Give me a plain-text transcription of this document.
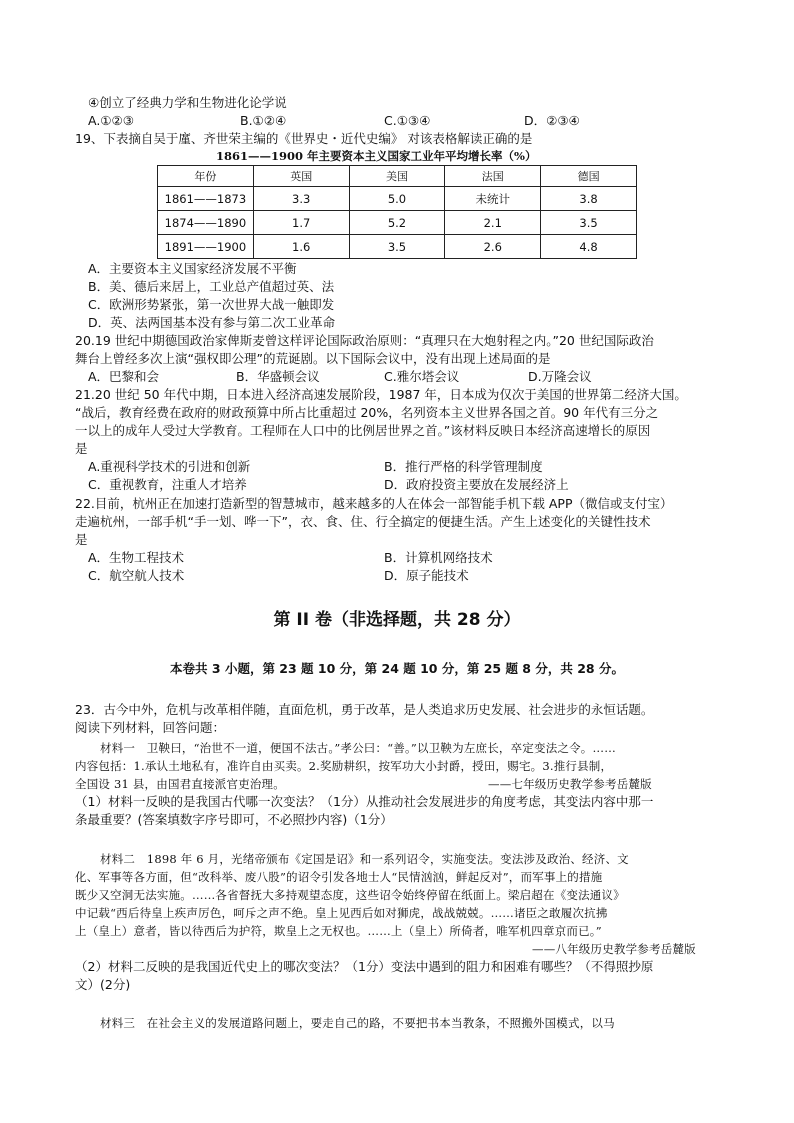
④创立了经典力学和生物进化论学说
A.①②③	B.①②④	C.①③④	D．②③④
19、下表摘自吴于廑、齐世荣主编的《世界史・近代史编》 对该表格解读正确的是
1861——1900 年主要资本主义国家工业年平均增长率（%）
年份	英国	美国	法国	德国
1861——1873	3.3	5.0	未统计	3.8
1874——1890	1.7	5.2	2.1	3.5
1891——1900	1.6	3.5	2.6	4.8
A．主要资本主义国家经济发展不平衡
B．美、德后来居上，工业总产值超过英、法
C．欧洲形势紧张，第一次世界大战一触即发
D．英、法两国基本没有参与第二次工业革命
20.19 世纪中期德国政治家俾斯麦曾这样评论国际政治原则：“真理只在大炮射程之内。”20 世纪国际政治
舞台上曾经多次上演“强权即公理”的荒诞剧。以下国际会议中，没有出现上述局面的是
A．巴黎和会	B．华盛顿会议	C.雅尔塔会议	D.万隆会议
21.20 世纪 50 年代中期，日本进入经济高速发展阶段，1987 年，日本成为仅次于美国的世界第二经济大国。
“战后，教育经费在政府的财政预算中所占比重超过 20%，名列资本主义世界各国之首。90 年代有三分之
一以上的成年人受过大学教育。工程师在人口中的比例居世界之首。”该材料反映日本经济高速增长的原因
是
A.重视科学技术的引进和创新	B．推行严格的科学管理制度
C．重视教育，注重人才培养	D．政府投资主要放在发展经济上
22.目前，杭州正在加速打造新型的智慧城市，越来越多的人在体会一部智能手机下载 APP（微信或支付宝）
走遍杭州，一部手机“手一划、哗一下”，衣、食、住、行全搞定的便捷生活。产生上述变化的关键性技术
是
A．生物工程技术	B．计算机网络技术
C．航空航人技术	D．原子能技术
第 II 卷（非选择题，共 28 分）
本卷共 3 小题，第 23 题 10 分，第 24 题 10 分，第 25 题 8 分，共 28 分。
23．古今中外，危机与改革相伴随，直面危机，勇于改革，是人类追求历史发展、社会进步的永恒话题。
阅读下列材料，回答问题：
材料一　卫鞅曰，“治世不一道，便国不法古。”孝公曰：“善。”以卫鞅为左庶长，卒定变法之令。……
内容包括：1.承认土地私有，准许自由买卖。2.奖励耕织，按军功大小封爵，授田，赐宅。3.推行县制，
全国设 31 县，由国君直接派官吏治理。	——七年级历史教学参考岳麓版
（1）材料一反映的是我国古代哪一次变法？（1分）从推动社会发展进步的角度考虑，其变法内容中那一
条最重要？(答案填数字序号即可，不必照抄内容)（1分）
材料二　1898 年 6 月，光绪帝颁布《定国是诏》和一系列诏令，实施变法。变法涉及政治、经济、文
化、军事等各方面，但“改科举、废八股”的诏令引发各地士人“民情汹汹，鲜起反对”，而军事上的措施
既少又空洞无法实施。……各省督抚大多持观望态度，这些诏令始终停留在纸面上。梁启超在《变法通议》
中记载“西后待皇上疾声厉色，呵斥之声不绝。皇上见西后如对狮虎，战战兢兢。……诸臣之敢履次抗拂
上（皇上）意者，皆以待西后为护符，欺皇上之无权也。……上（皇上）所倚者，唯军机四章京而已。”
——八年级历史教学参考岳麓版
（2）材料二反映的是我国近代史上的哪次变法？（1分）变法中遇到的阻力和困难有哪些？（不得照抄原
文）(2分)
材料三　在社会主义的发展道路问题上，要走自己的路，不要把书本当教条，不照搬外国模式，以马
